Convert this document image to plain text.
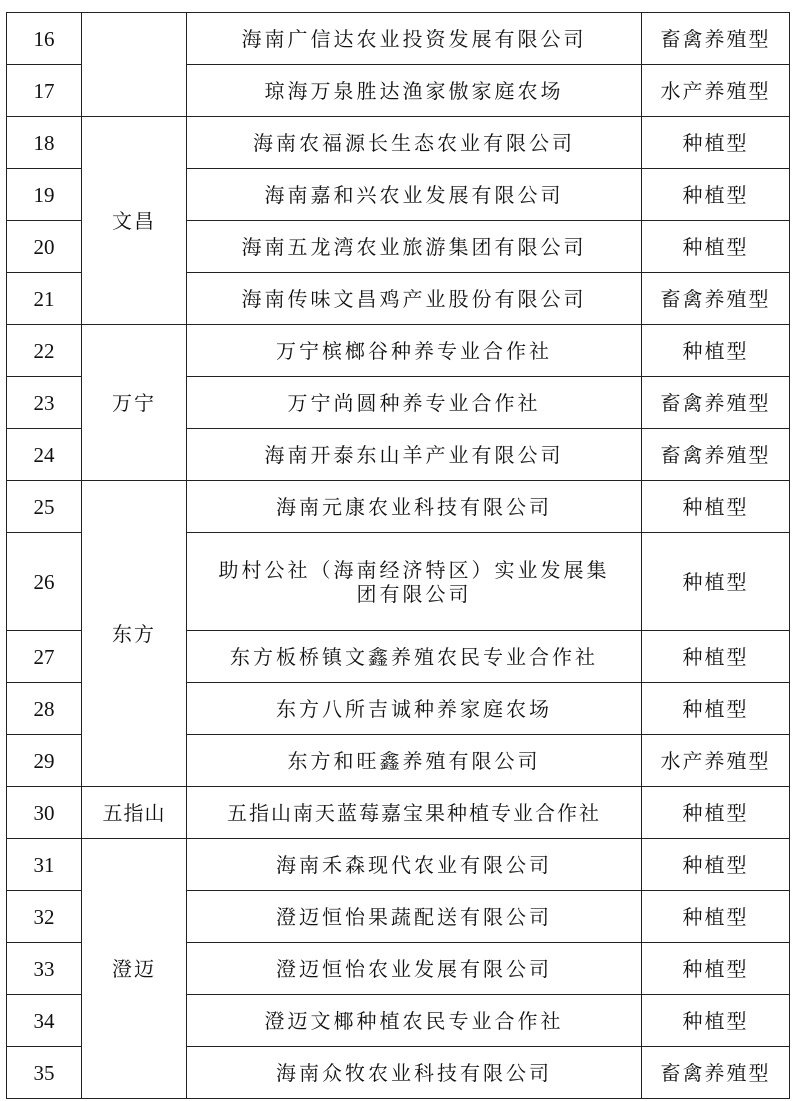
16		海南广信达农业投资发展有限公司	畜禽养殖型
17		琼海万泉胜达渔家傲家庭农场	水产养殖型
18	文昌	海南农福源长生态农业有限公司	种植型
19		海南嘉和兴农业发展有限公司	种植型
20		海南五龙湾农业旅游集团有限公司	种植型
21		海南传味文昌鸡产业股份有限公司	畜禽养殖型
22	万宁	万宁槟榔谷种养专业合作社	种植型
23		万宁尚圆种养专业合作社	畜禽养殖型
24		海南开泰东山羊产业有限公司	畜禽养殖型
25	东方	海南元康农业科技有限公司	种植型
26		助村公社（海南经济特区）实业发展集团有限公司	种植型
27		东方板桥镇文鑫养殖农民专业合作社	种植型
28		东方八所吉诚种养家庭农场	种植型
29		东方和旺鑫养殖有限公司	水产养殖型
30	五指山	五指山南天蓝莓嘉宝果种植专业合作社	种植型
31	澄迈	海南禾森现代农业有限公司	种植型
32		澄迈恒怡果蔬配送有限公司	种植型
33		澄迈恒怡农业发展有限公司	种植型
34		澄迈文椰种植农民专业合作社	种植型
35		海南众牧农业科技有限公司	畜禽养殖型
